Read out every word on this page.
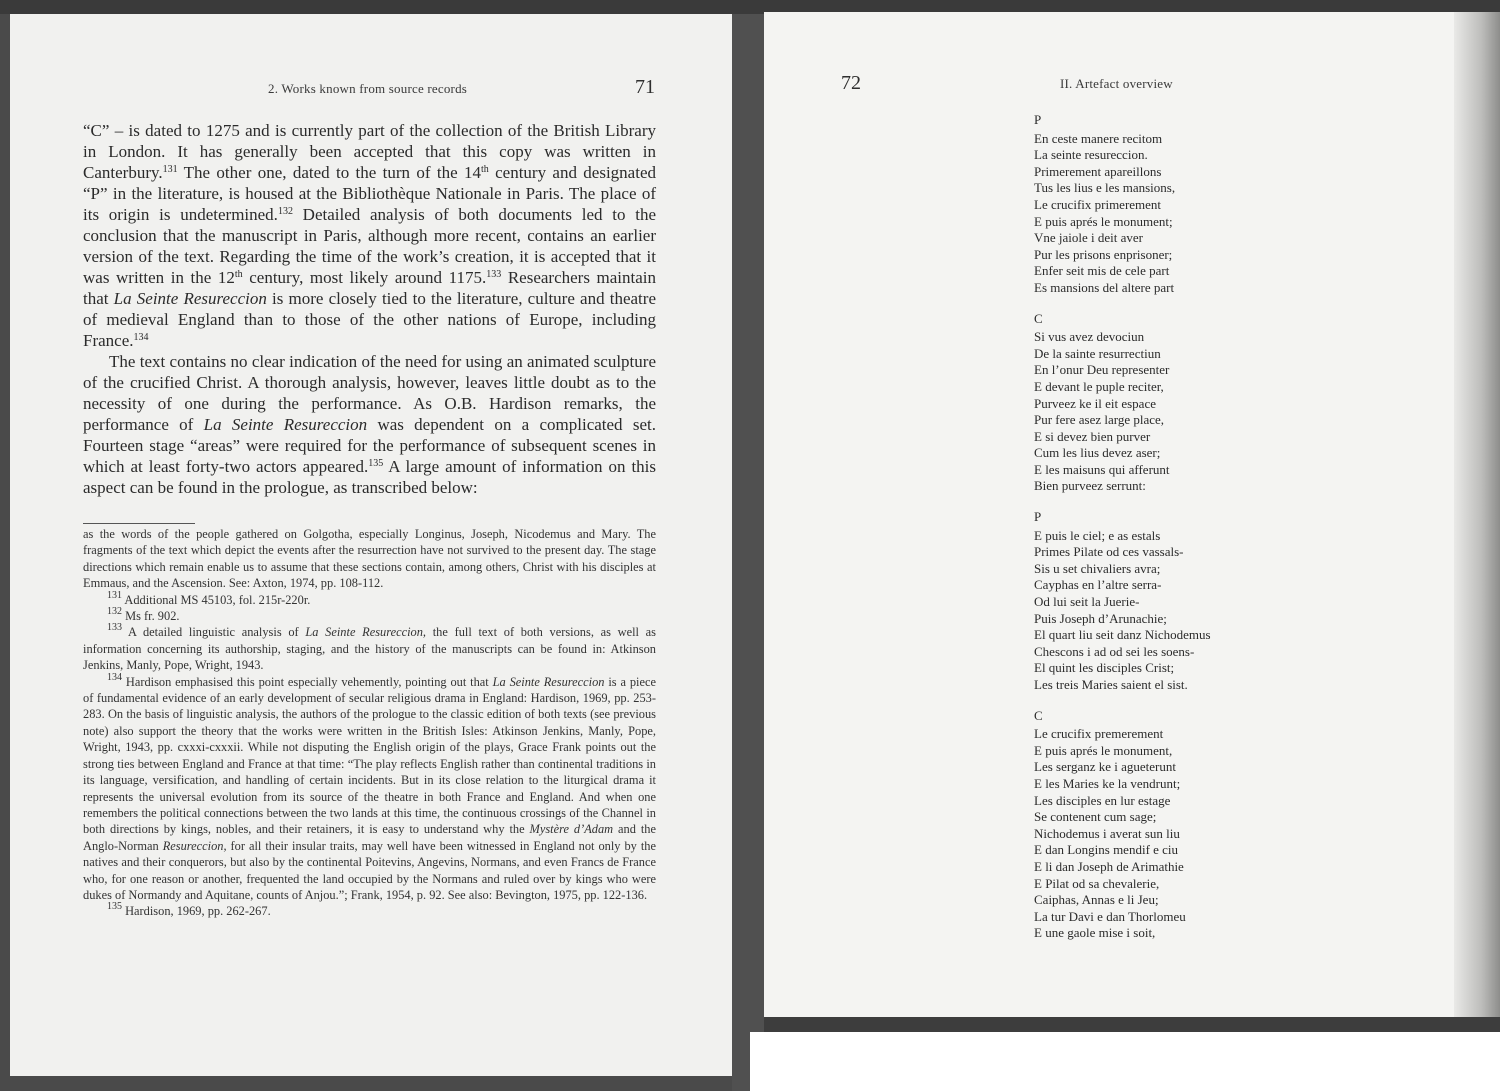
2. Works known from source records	71

“C” – is dated to 1275 and is currently part of the collection of the British Library in London. It has generally been accepted that this copy was written in Canterbury.$^{131}$ The other one, dated to the turn of the 14th century and designated “P” in the literature, is housed at the Bibliothèque Nationale in Paris. The place of its origin is undetermined.$^{132}$ Detailed analysis of both documents led to the conclusion that the manuscript in Paris, although more recent, contains an earlier version of the text. Regarding the time of the work’s creation, it is accepted that it was written in the 12th century, most likely around 1175.$^{133}$ Researchers maintain that La Seinte Resureccion is more closely tied to the literature, culture and theatre of medieval England than to those of the other nations of Europe, including France.$^{134}$

The text contains no clear indication of the need for using an animated sculpture of the crucified Christ. A thorough analysis, however, leaves little doubt as to the necessity of one during the performance. As O.B. Hardison remarks, the performance of La Seinte Resureccion was dependent on a complicated set. Fourteen stage “areas” were required for the performance of subsequent scenes in which at least forty-two actors appeared.$^{135}$ A large amount of information on this aspect can be found in the prologue, as transcribed below:

as the words of the people gathered on Golgotha, especially Longinus, Joseph, Nicodemus and Mary. The fragments of the text which depict the events after the resurrection have not survived to the present day. The stage directions which remain enable us to assume that these sections contain, among others, Christ with his disciples at Emmaus, and the Ascension. See: Axton, 1974, pp. 108-112.

$^{131}$ Additional MS 45103, fol. 215r-220r.

$^{132}$ Ms fr. 902.

$^{133}$ A detailed linguistic analysis of La Seinte Resureccion, the full text of both versions, as well as information concerning its authorship, staging, and the history of the manuscripts can be found in: Atkinson Jenkins, Manly, Pope, Wright, 1943.

$^{134}$ Hardison emphasised this point especially vehemently, pointing out that La Seinte Resureccion is a piece of fundamental evidence of an early development of secular religious drama in England: Hardison, 1969, pp. 253-283. On the basis of linguistic analysis, the authors of the prologue to the classic edition of both texts (see previous note) also support the theory that the works were written in the British Isles: Atkinson Jenkins, Manly, Pope, Wright, 1943, pp. cxxxi-cxxxii. While not disputing the English origin of the plays, Grace Frank points out the strong ties between England and France at that time: “The play reflects English rather than continental traditions in its language, versification, and handling of certain incidents. But in its close relation to the liturgical drama it represents the universal evolution from its source of the theatre in both France and England. And when one remembers the political connections between the two lands at this time, the continuous crossings of the Channel in both directions by kings, nobles, and their retainers, it is easy to understand why the Mystère d’Adam and the Anglo-Norman Resureccion, for all their insular traits, may well have been witnessed in England not only by the natives and their conquerors, but also by the continental Poitevins, Angevins, Normans, and even Francs de France who, for one reason or another, frequented the land occupied by the Normans and ruled over by kings who were dukes of Normandy and Aquitane, counts of Anjou.”; Frank, 1954, p. 92. See also: Bevington, 1975, pp. 122-136.

$^{135}$ Hardison, 1969, pp. 262-267.

72	II. Artefact overview
P
En ceste manere recitom
La seinte resureccion.
Primerement apareillons
Tus les lius e les mansions,
Le crucifix primerement
E puis aprés le monument;
Vne jaiole i deit aver
Pur les prisons enprisoner;
Enfer seit mis de cele part
Es mansions del altere part
C
Si vus avez devociun
De la sainte resurrectiun
En l’onur Deu representer
E devant le puple reciter,
Purveez ke il eit espace
Pur fere asez large place,
E si devez bien purver
Cum les lius devez aser;
E les maisuns qui afferunt
Bien purveez serrunt:
P
E puis le ciel; e as estals
Primes Pilate od ces vassals-
Sis u set chivaliers avra;
Cayphas en l’altre serra-
Od lui seit la Juerie-
Puis Joseph d’Arunachie;
El quart liu seit danz Nichodemus
Chescons i ad od sei les soens-
El quint les disciples Crist;
Les treis Maries saient el sist.
C
Le crucifix premerement
E puis aprés le monument,
Les serganz ke i agueterunt
E les Maries ke la vendrunt;
Les disciples en lur estage
Se contenent cum sage;
Nichodemus i averat sun liu
E dan Longins mendif e ciu
E li dan Joseph de Arimathie
E Pilat od sa chevalerie,
Caiphas, Annas e li Jeu;
La tur Davi e dan Thorlomeu
E une gaole mise i soit,
